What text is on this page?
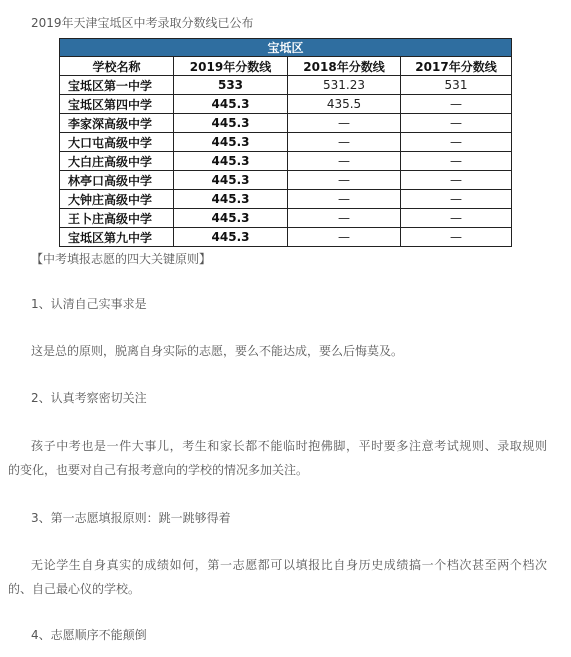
2019年天津宝坻区中考录取分数线已公布
宝坻区			
学校名称	2019年分数线	2018年分数线	2017年分数线
宝坻区第一中学	533	531.23	531
宝坻区第四中学	445.3	435.5	—
李家深高级中学	445.3	—	—
大口屯高级中学	445.3	—	—
大白庄高级中学	445.3	—	—
林亭口高级中学	445.3	—	—
大钟庄高级中学	445.3	—	—
王卜庄高级中学	445.3	—	—
宝坻区第九中学	445.3	—	—
【中考填报志愿的四大关键原则】
1、认清自己实事求是
这是总的原则，脱离自身实际的志愿，要么不能达成，要么后悔莫及。
2、认真考察密切关注
孩子中考也是一件大事儿，考生和家长都不能临时抱佛脚，平时要多注意考试规则、录取规则
的变化，也要对自己有报考意向的学校的情况多加关注。
3、第一志愿填报原则：跳一跳够得着
无论学生自身真实的成绩如何，第一志愿都可以填报比自身历史成绩搞一个档次甚至两个档次
的、自己最心仪的学校。
4、志愿顺序不能颠倒
